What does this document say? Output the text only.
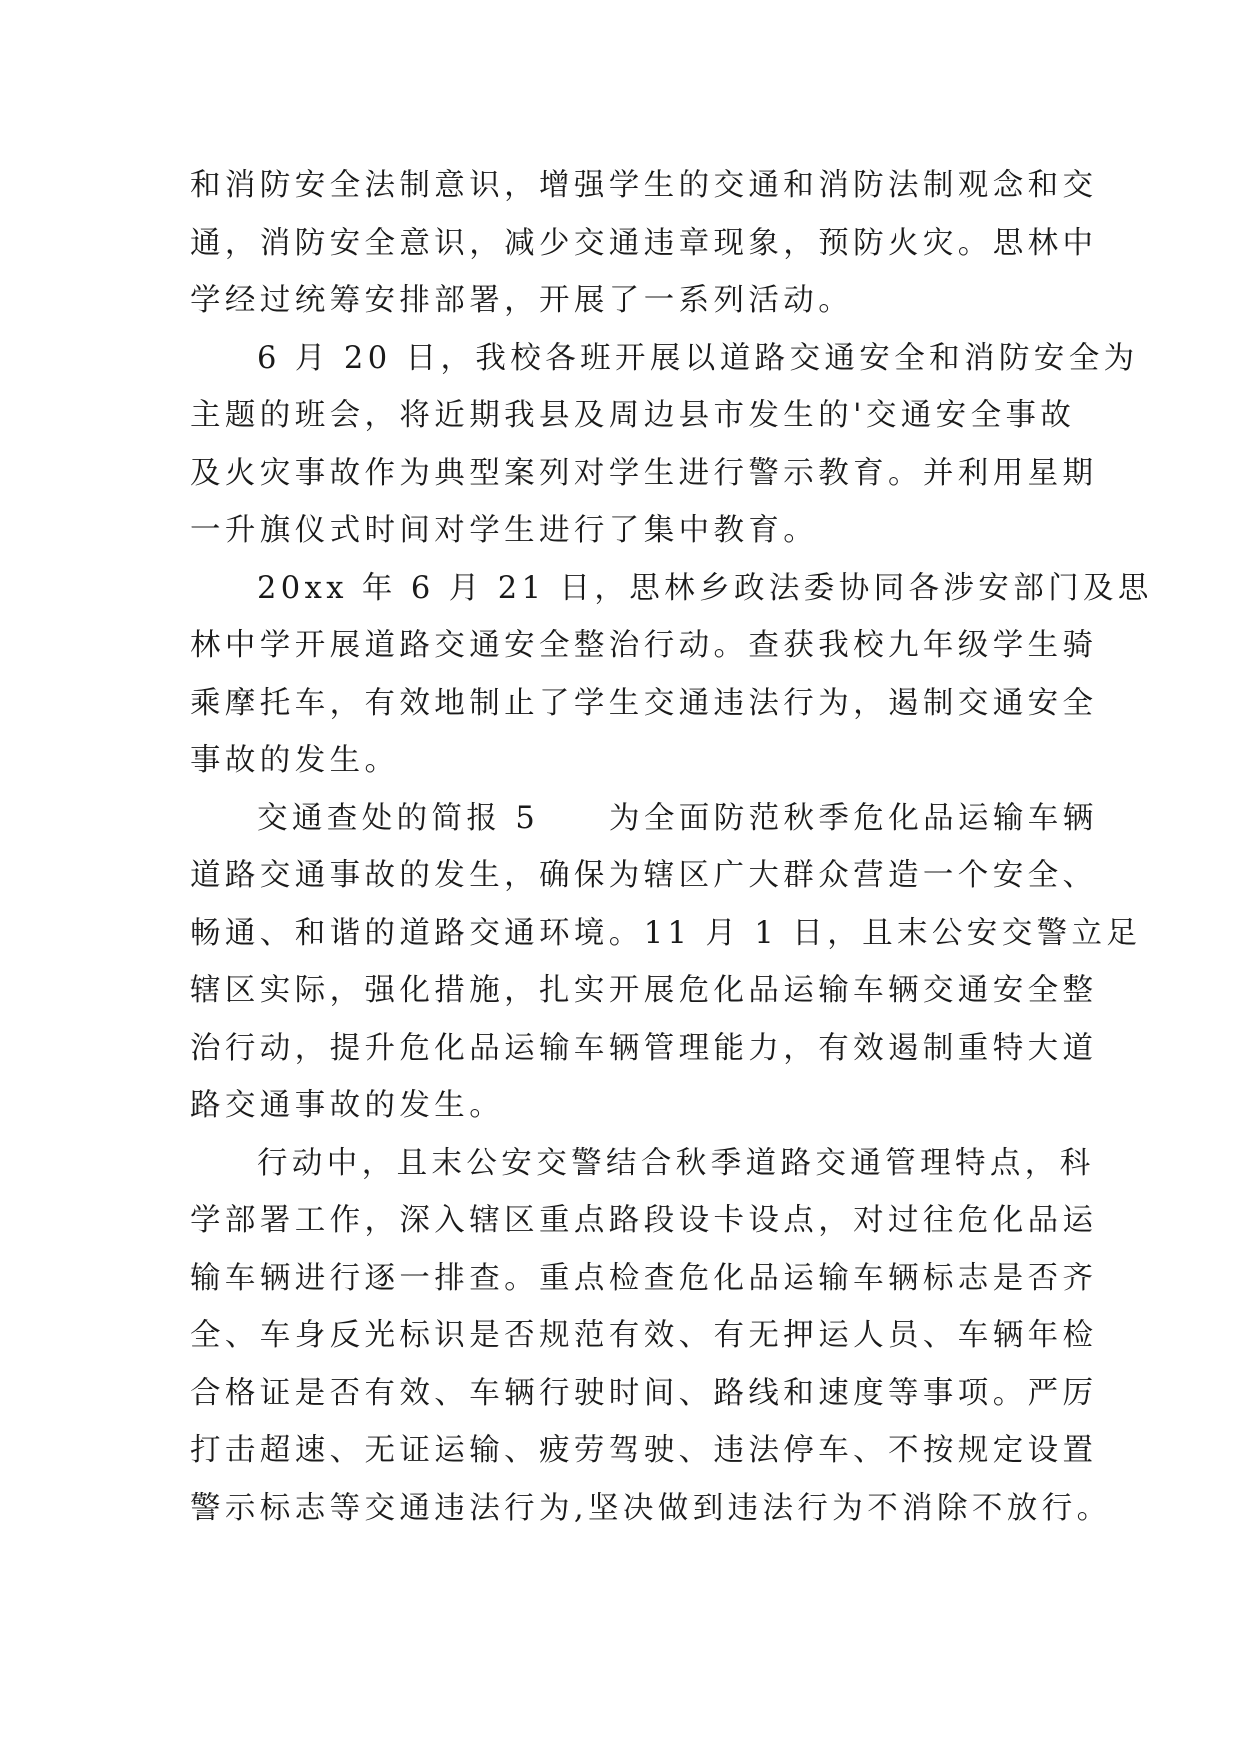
和消防安全法制意识，增强学生的交通和消防法制观念和交
通，消防安全意识，减少交通违章现象，预防火灾。思林中
学经过统筹安排部署，开展了一系列活动。
6 月 20 日，我校各班开展以道路交通安全和消防安全为
主题的班会，将近期我县及周边县市发生的'交通安全事故
及火灾事故作为典型案列对学生进行警示教育。并利用星期
一升旗仪式时间对学生进行了集中教育。
20xx 年 6 月 21 日，思林乡政法委协同各涉安部门及思
林中学开展道路交通安全整治行动。查获我校九年级学生骑
乘摩托车，有效地制止了学生交通违法行为，遏制交通安全
事故的发生。
交通查处的简报 5　　为全面防范秋季危化品运输车辆
道路交通事故的发生，确保为辖区广大群众营造一个安全、
畅通、和谐的道路交通环境。11 月 1 日，且末公安交警立足
辖区实际，强化措施，扎实开展危化品运输车辆交通安全整
治行动，提升危化品运输车辆管理能力，有效遏制重特大道
路交通事故的发生。
行动中，且末公安交警结合秋季道路交通管理特点，科
学部署工作，深入辖区重点路段设卡设点，对过往危化品运
输车辆进行逐一排查。重点检查危化品运输车辆标志是否齐
全、车身反光标识是否规范有效、有无押运人员、车辆年检
合格证是否有效、车辆行驶时间、路线和速度等事项。严厉
打击超速、无证运输、疲劳驾驶、违法停车、不按规定设置
警示标志等交通违法行为,坚决做到违法行为不消除不放行。
